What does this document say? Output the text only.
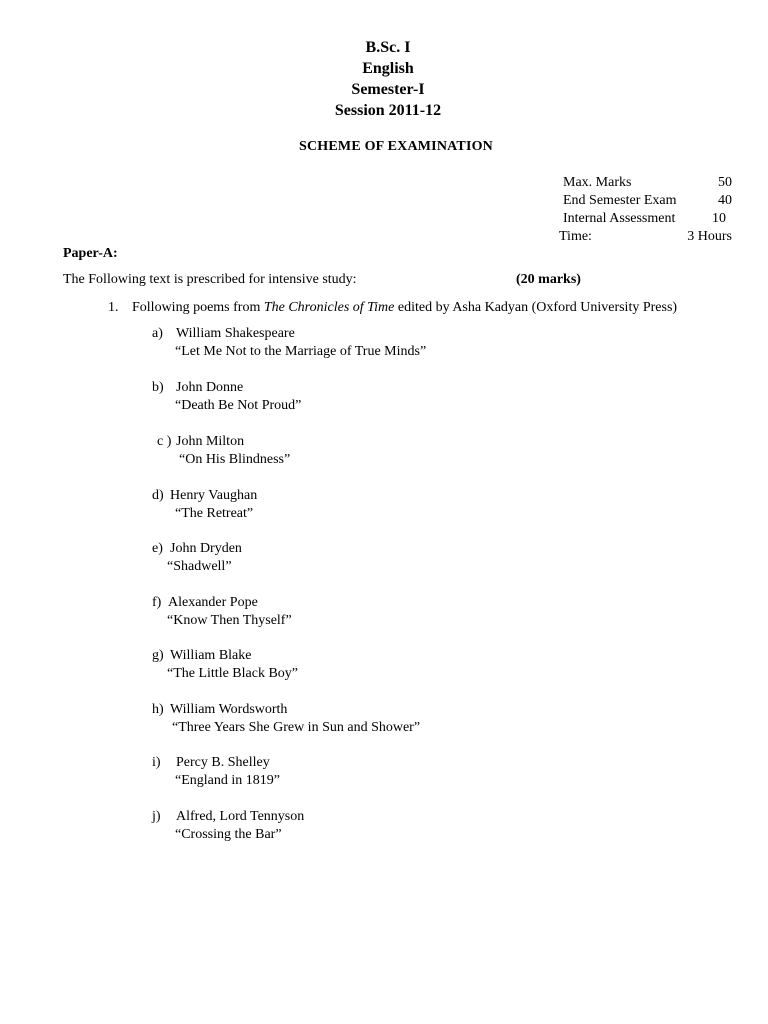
B.Sc. I
English
Semester-I
Session 2011-12
SCHEME OF EXAMINATION
Max. Marks	50
End Semester Exam	40
Internal Assessment	10
Time:	3 Hours
Paper-A:
The Following text is prescribed for intensive study:	(20 marks)
1. Following poems from The Chronicles of Time edited by Asha Kadyan (Oxford University Press)
a) William Shakespeare
“Let Me Not to the Marriage of True Minds”
b) John Donne
“Death Be Not Proud”
c ) John Milton
“On His Blindness”
d) Henry Vaughan
“The Retreat”
e) John Dryden
“Shadwell”
f) Alexander Pope
“Know Then Thyself”
g) William Blake
“The Little Black Boy”
h) William Wordsworth
“Three Years She Grew in Sun and Shower”
i) Percy B. Shelley
“England in 1819”
j) Alfred, Lord Tennyson
“Crossing the Bar”
